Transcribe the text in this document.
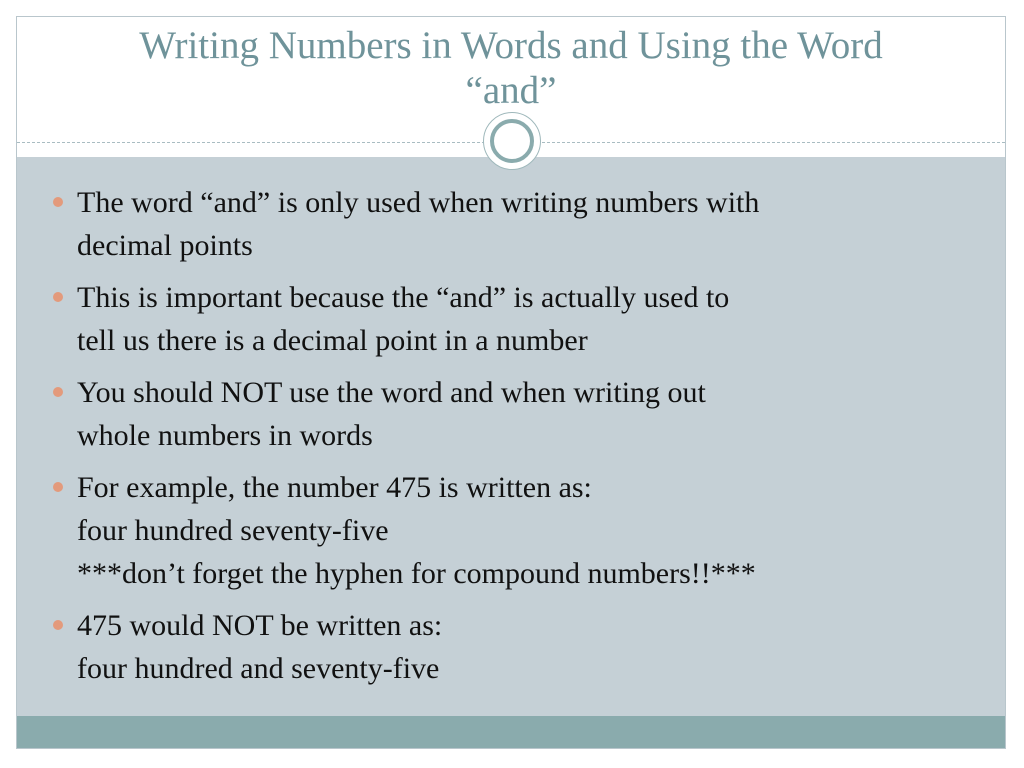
Writing Numbers in Words and Using the Word
“and”
The word “and” is only used when writing numbers with
decimal points
This is important because the “and” is actually used to
tell us there is a decimal point in a number
You should NOT use the word and when writing out
whole numbers in words
For example, the number 475 is written as:
four hundred seventy-five
***don’t forget the hyphen for compound numbers!!***
475 would NOT be written as:
four hundred and seventy-five
